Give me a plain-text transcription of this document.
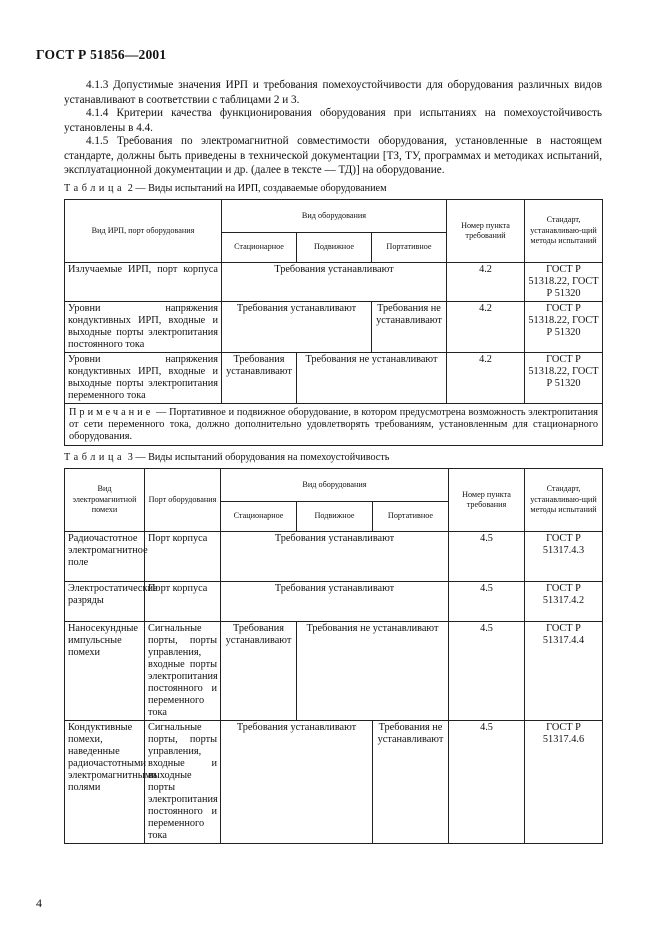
ГОСТ Р 51856—2001

4.1.3 Допустимые значения ИРП и требования помехоустойчивости для оборудования различных видов устанавливают в соответствии с таблицами 2 и 3.

4.1.4 Критерии качества функционирования оборудования при испытаниях на помехоустойчивость установлены в 4.4.

4.1.5 Требования по электромагнитной совместимости оборудования, установленные в настоящем стандарте, должны быть приведены в технической документации [ТЗ, ТУ, программах и методиках испытаний, эксплуатационной документации и др. (далее в тексте — ТД)] на оборудование.

Таблица 2 — Виды испытаний на ИРП, создаваемые оборудованием
Вид ИРП, порт оборудования	Вид оборудования			Номер пункта требований	Стандарт, устанавливаю-щий методы испытаний
	Стационарное	Подвижное	Портативное		
Излучаемые ИРП, порт корпуса	Требования устанавливают			4.2	ГОСТ Р 51318.22, ГОСТ Р 51320
Уровни напряжения кондуктивных ИРП, входные и выходные порты электропитания постоянного тока	Требования устанавливают		Требования не устанавливают	4.2	ГОСТ Р 51318.22, ГОСТ Р 51320
Уровни напряжения кондуктивных ИРП, входные и выходные порты электропитания переменного тока	Требования устанавливают	Требования не устанавливают		4.2	ГОСТ Р 51318.22, ГОСТ Р 51320
Примечание — Портативное и подвижное оборудование, в котором предусмотрена возможность электропитания от сети переменного тока, должно дополнительно удовлетворять требованиям, установленным для стационарного оборудования.					
Таблица 3 — Виды испытаний оборудования на помехоустойчивость
Вид электромагнитной помехи	Порт оборудования	Вид оборудования			Номер пункта требования	Стандарт, устанавливаю-щий методы испытаний
		Стационарное	Подвижное	Портативное		
Радиочастотное электромагнитное поле	Порт корпуса	Требования устанавливают			4.5	ГОСТ Р 51317.4.3
Электростатические разряды	Порт корпуса	Требования устанавливают			4.5	ГОСТ Р 51317.4.2
Наносекундные импульсные помехи	Сигнальные порты, порты управления, входные порты электропитания постоянного и переменного тока	Требования устанавливают	Требования не устанавливают		4.5	ГОСТ Р 51317.4.4
Кондуктивные помехи, наведенные радиочастотными электромагнитными полями	Сигнальные порты, порты управления, входные и выходные порты электропитания постоянного и переменного тока	Требования устанавливают		Требования не устанавливают	4.5	ГОСТ Р 51317.4.6
4
